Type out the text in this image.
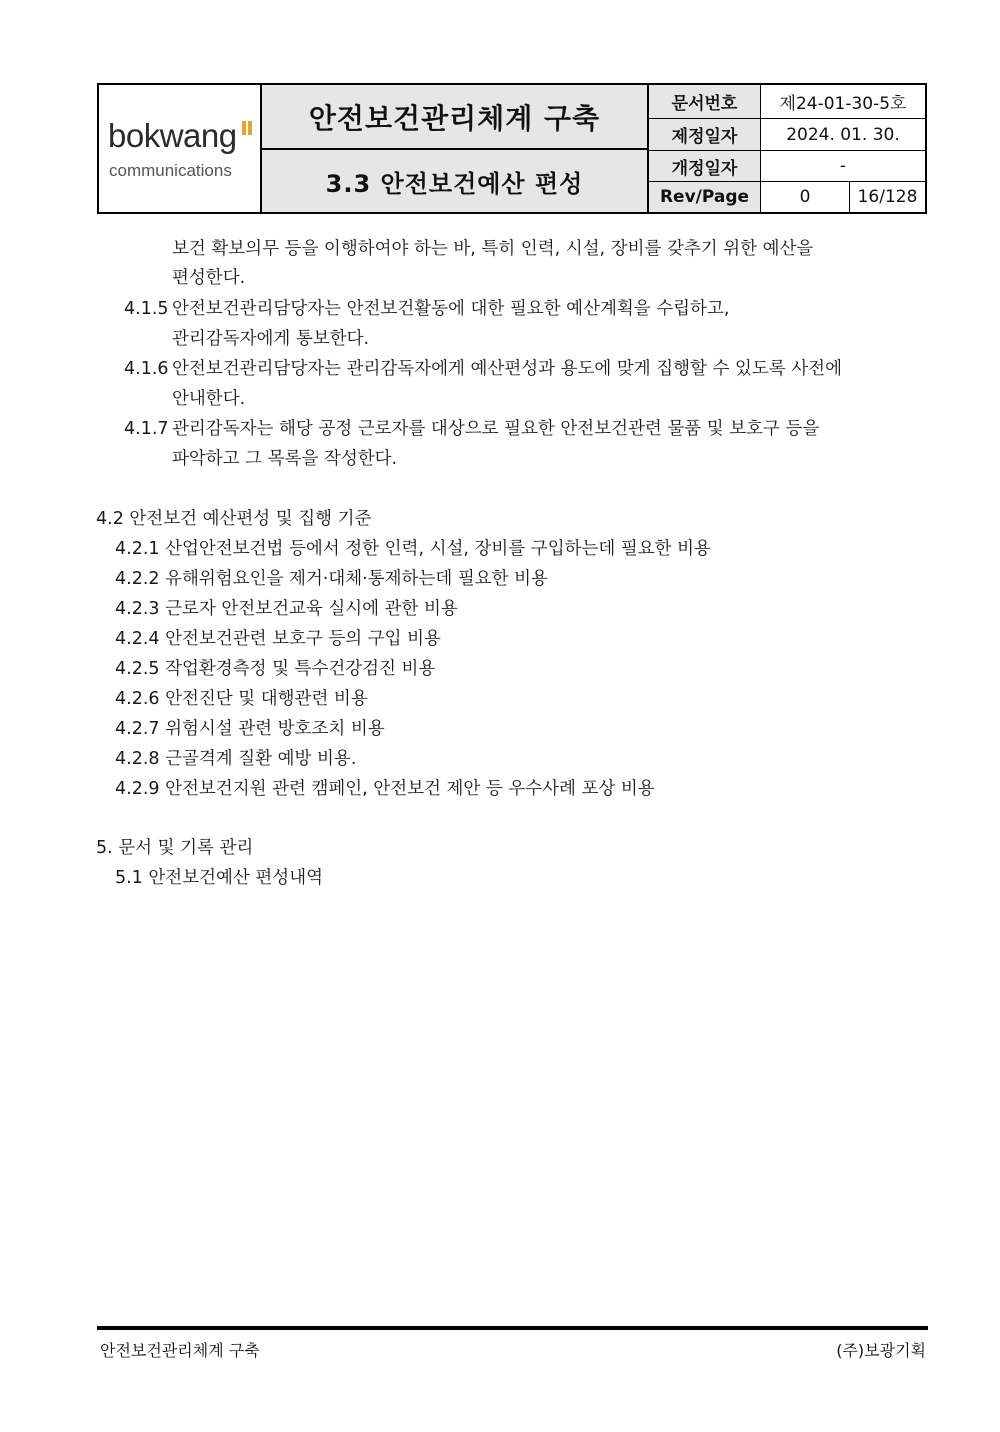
bokwang
communications
안전보건관리체계 구축
3.3 안전보건예산 편성
문서번호	제24-01-30-5호
제정일자	2024. 01. 30.
개정일자	-
Rev/Page	0	16/128
보건 확보의무 등을 이행하여야 하는 바, 특히 인력, 시설, 장비를 갖추기 위한 예산을
편성한다.
4.1.5 안전보건관리담당자는 안전보건활동에 대한 필요한 예산계획을 수립하고,
관리감독자에게 통보한다.
4.1.6 안전보건관리담당자는 관리감독자에게 예산편성과 용도에 맞게 집행할 수 있도록 사전에
안내한다.
4.1.7 관리감독자는 해당 공정 근로자를 대상으로 필요한 안전보건관련 물품 및 보호구 등을
파악하고 그 목록을 작성한다.
4.2 안전보건 예산편성 및 집행 기준
4.2.1 산업안전보건법 등에서 정한 인력, 시설, 장비를 구입하는데 필요한 비용
4.2.2 유해위험요인을 제거·대체·통제하는데 필요한 비용
4.2.3 근로자 안전보건교육 실시에 관한 비용
4.2.4 안전보건관련 보호구 등의 구입 비용
4.2.5 작업환경측정 및 특수건강검진 비용
4.2.6 안전진단 및 대행관련 비용
4.2.7 위험시설 관련 방호조치 비용
4.2.8 근골격계 질환 예방 비용.
4.2.9 안전보건지원 관련 캠페인, 안전보건 제안 등 우수사례 포상 비용
5. 문서 및 기록 관리
5.1 안전보건예산 편성내역
안전보건관리체계 구축	(주)보광기획
